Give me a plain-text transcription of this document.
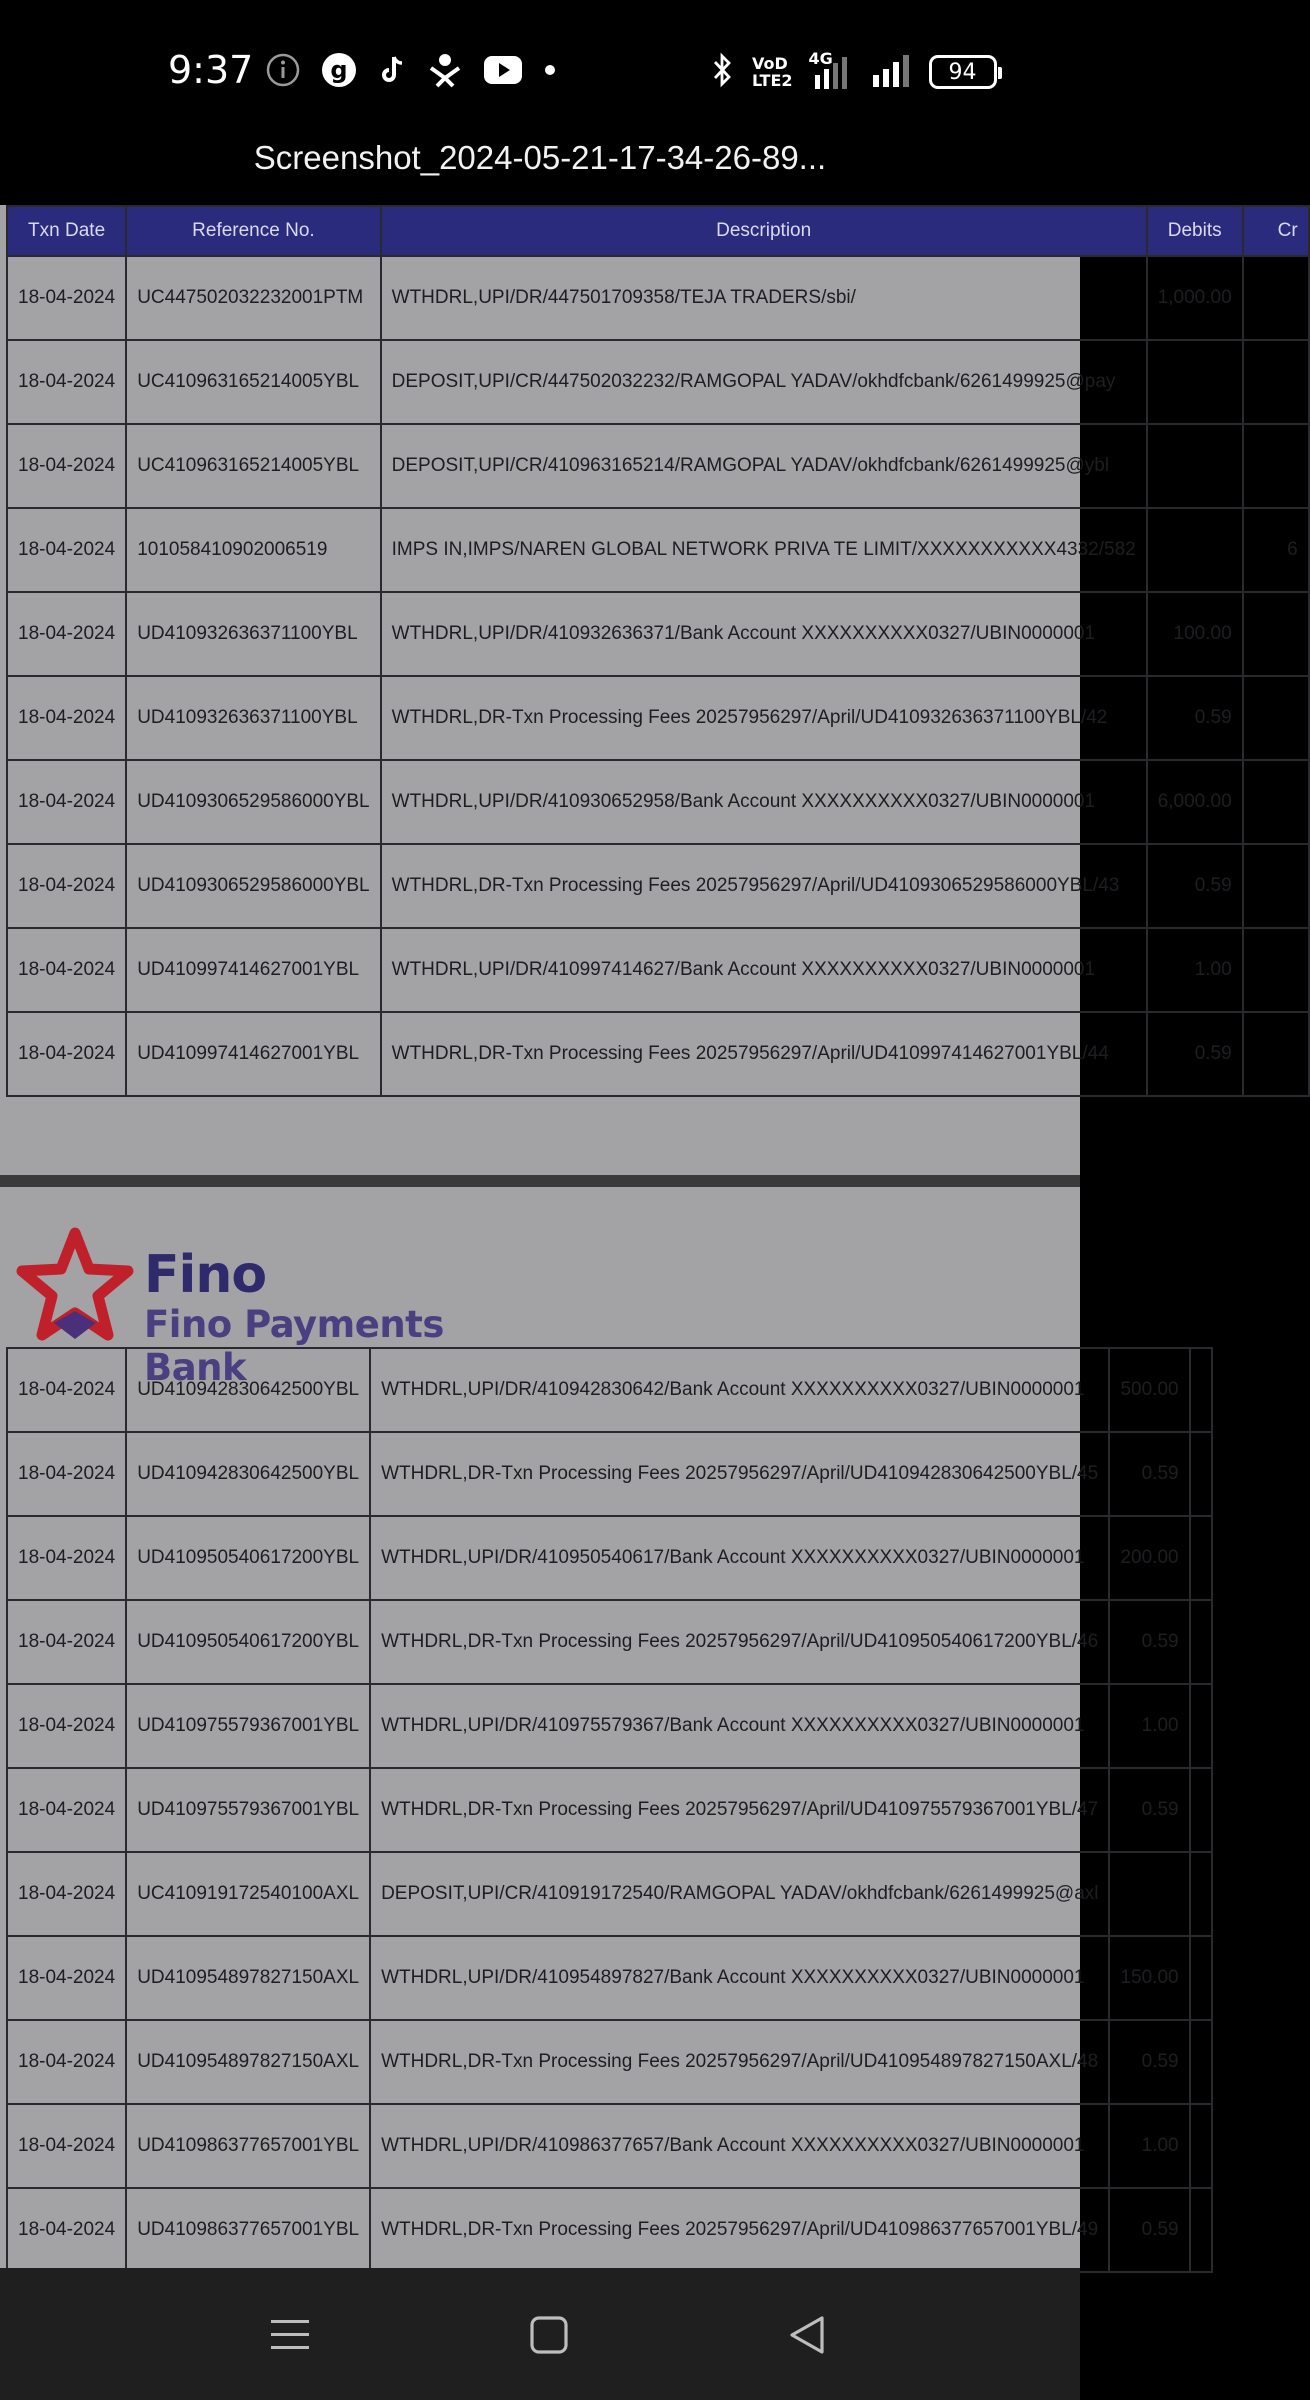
9:37	g	VoD
LTE2
4G
94
Screenshot_2024-05-21-17-34-26-89...
Txn Date	Reference No.	Description	Debits	Cr
18-04-2024	UC447502032232001PTM	WTHDRL,UPI/DR/447501709358/TEJA TRADERS/sbi/	1,000.00	
18-04-2024	UC410963165214005YBL	DEPOSIT,UPI/CR/447502032232/RAMGOPAL YADAV/okhdfcbank/6261499925@pay		
18-04-2024	UC410963165214005YBL	DEPOSIT,UPI/CR/410963165214/RAMGOPAL YADAV/okhdfcbank/6261499925@ybl		
18-04-2024	101058410902006519	IMPS IN,IMPS/NAREN GLOBAL NETWORK PRIVA TE LIMIT/XXXXXXXXXXX4332/582		6
18-04-2024	UD410932636371100YBL	WTHDRL,UPI/DR/410932636371/Bank Account XXXXXXXXXX0327/UBIN0000001	100.00	
18-04-2024	UD410932636371100YBL	WTHDRL,DR-Txn Processing Fees 20257956297/April/UD410932636371100YBL/42	0.59	
18-04-2024	UD4109306529586000YBL	WTHDRL,UPI/DR/410930652958/Bank Account XXXXXXXXXX0327/UBIN0000001	6,000.00	
18-04-2024	UD4109306529586000YBL	WTHDRL,DR-Txn Processing Fees 20257956297/April/UD4109306529586000YBL/43	0.59	
18-04-2024	UD410997414627001YBL	WTHDRL,UPI/DR/410997414627/Bank Account XXXXXXXXXX0327/UBIN0000001	1.00	
18-04-2024	UD410997414627001YBL	WTHDRL,DR-Txn Processing Fees 20257956297/April/UD410997414627001YBL/44	0.59	
Fino
Fino Payments Bank
18-04-2024	UD410942830642500YBL	WTHDRL,UPI/DR/410942830642/Bank Account XXXXXXXXXX0327/UBIN0000001	500.00	
18-04-2024	UD410942830642500YBL	WTHDRL,DR-Txn Processing Fees 20257956297/April/UD410942830642500YBL/45	0.59	
18-04-2024	UD410950540617200YBL	WTHDRL,UPI/DR/410950540617/Bank Account XXXXXXXXXX0327/UBIN0000001	200.00	
18-04-2024	UD410950540617200YBL	WTHDRL,DR-Txn Processing Fees 20257956297/April/UD410950540617200YBL/46	0.59	
18-04-2024	UD410975579367001YBL	WTHDRL,UPI/DR/410975579367/Bank Account XXXXXXXXXX0327/UBIN0000001	1.00	
18-04-2024	UD410975579367001YBL	WTHDRL,DR-Txn Processing Fees 20257956297/April/UD410975579367001YBL/47	0.59	
18-04-2024	UC410919172540100AXL	DEPOSIT,UPI/CR/410919172540/RAMGOPAL YADAV/okhdfcbank/6261499925@axl		
18-04-2024	UD410954897827150AXL	WTHDRL,UPI/DR/410954897827/Bank Account XXXXXXXXXX0327/UBIN0000001	150.00	
18-04-2024	UD410954897827150AXL	WTHDRL,DR-Txn Processing Fees 20257956297/April/UD410954897827150AXL/48	0.59	
18-04-2024	UD410986377657001YBL	WTHDRL,UPI/DR/410986377657/Bank Account XXXXXXXXXX0327/UBIN0000001	1.00	
18-04-2024	UD410986377657001YBL	WTHDRL,DR-Txn Processing Fees 20257956297/April/UD410986377657001YBL/49	0.59	
